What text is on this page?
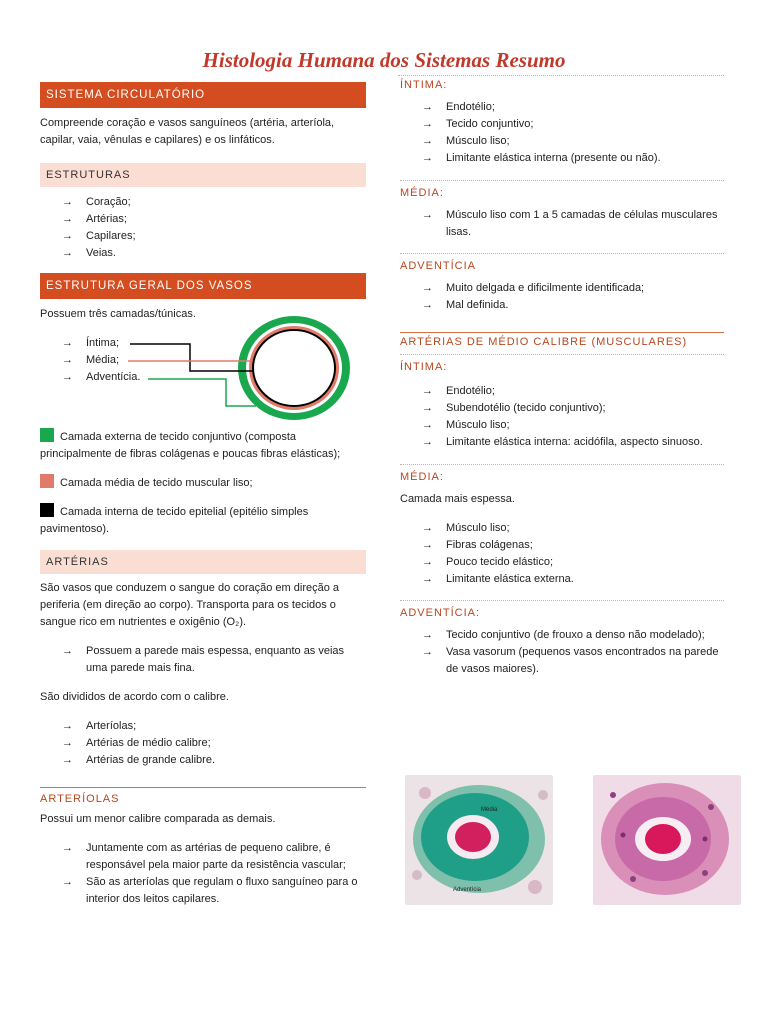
Histologia Humana dos Sistemas Resumo
SISTEMA CIRCULATÓRIO

Compreende coração e vasos sanguíneos (artéria, arteríola, capilar, vaia, vênulas e capilares) e os linfáticos.

ESTRUTURAS
→ Coração;
→ Artérias;
→ Capilares;
→ Veias.
ESTRUTURA GERAL DOS VASOS

Possuem três camadas/túnicas.

→ Íntima;
→ Média;
→ Adventícia.
Camada externa de tecido conjuntivo (composta principalmente de fibras colágenas e poucas fibras elásticas);
Camada média de tecido muscular liso;
Camada interna de tecido epitelial (epitélio simples pavimentoso).
ARTÉRIAS

São vasos que conduzem o sangue do coração em direção a periferia (em direção ao corpo). Transporta para os tecidos o sangue rico em nutrientes e oxigênio (O₂).

→ Possuem a parede mais espessa, enquanto as veias uma parede mais fina.

São divididos de acordo com o calibre.

→ Arteríolas;
→ Artérias de médio calibre;
→ Artérias de grande calibre.
ARTERÍOLAS

Possui um menor calibre comparada as demais.

→ Juntamente com as artérias de pequeno calibre, é responsável pela maior parte da resistência vascular;
→ São as arteríolas que regulam o fluxo sanguíneo para o interior dos leitos capilares.
ÍNTIMA:
→ Endotélio;
→ Tecido conjuntivo;
→ Músculo liso;
→ Limitante elástica interna (presente ou não).
MÉDIA:
→ Músculo liso com 1 a 5 camadas de células musculares lisas.
ADVENTÍCIA
→ Muito delgada e dificilmente identificada;
→ Mal definida.
ARTÉRIAS DE MÉDIO CALIBRE (MUSCULARES)
ÍNTIMA:
→ Endotélio;
→ Subendotélio (tecido conjuntivo);
→ Músculo liso;
→ Limitante elástica interna: acidófila, aspecto sinuoso.
MÉDIA:

Camada mais espessa.

→ Músculo liso;
→ Fibras colágenas;
→ Pouco tecido elástico;
→ Limitante elástica externa.
ADVENTÍCIA:
→ Tecido conjuntivo (de frouxo a denso não modelado);
→ Vasa vasorum (pequenos vasos encontrados na parede de vasos maiores).
Média
Adventícia
